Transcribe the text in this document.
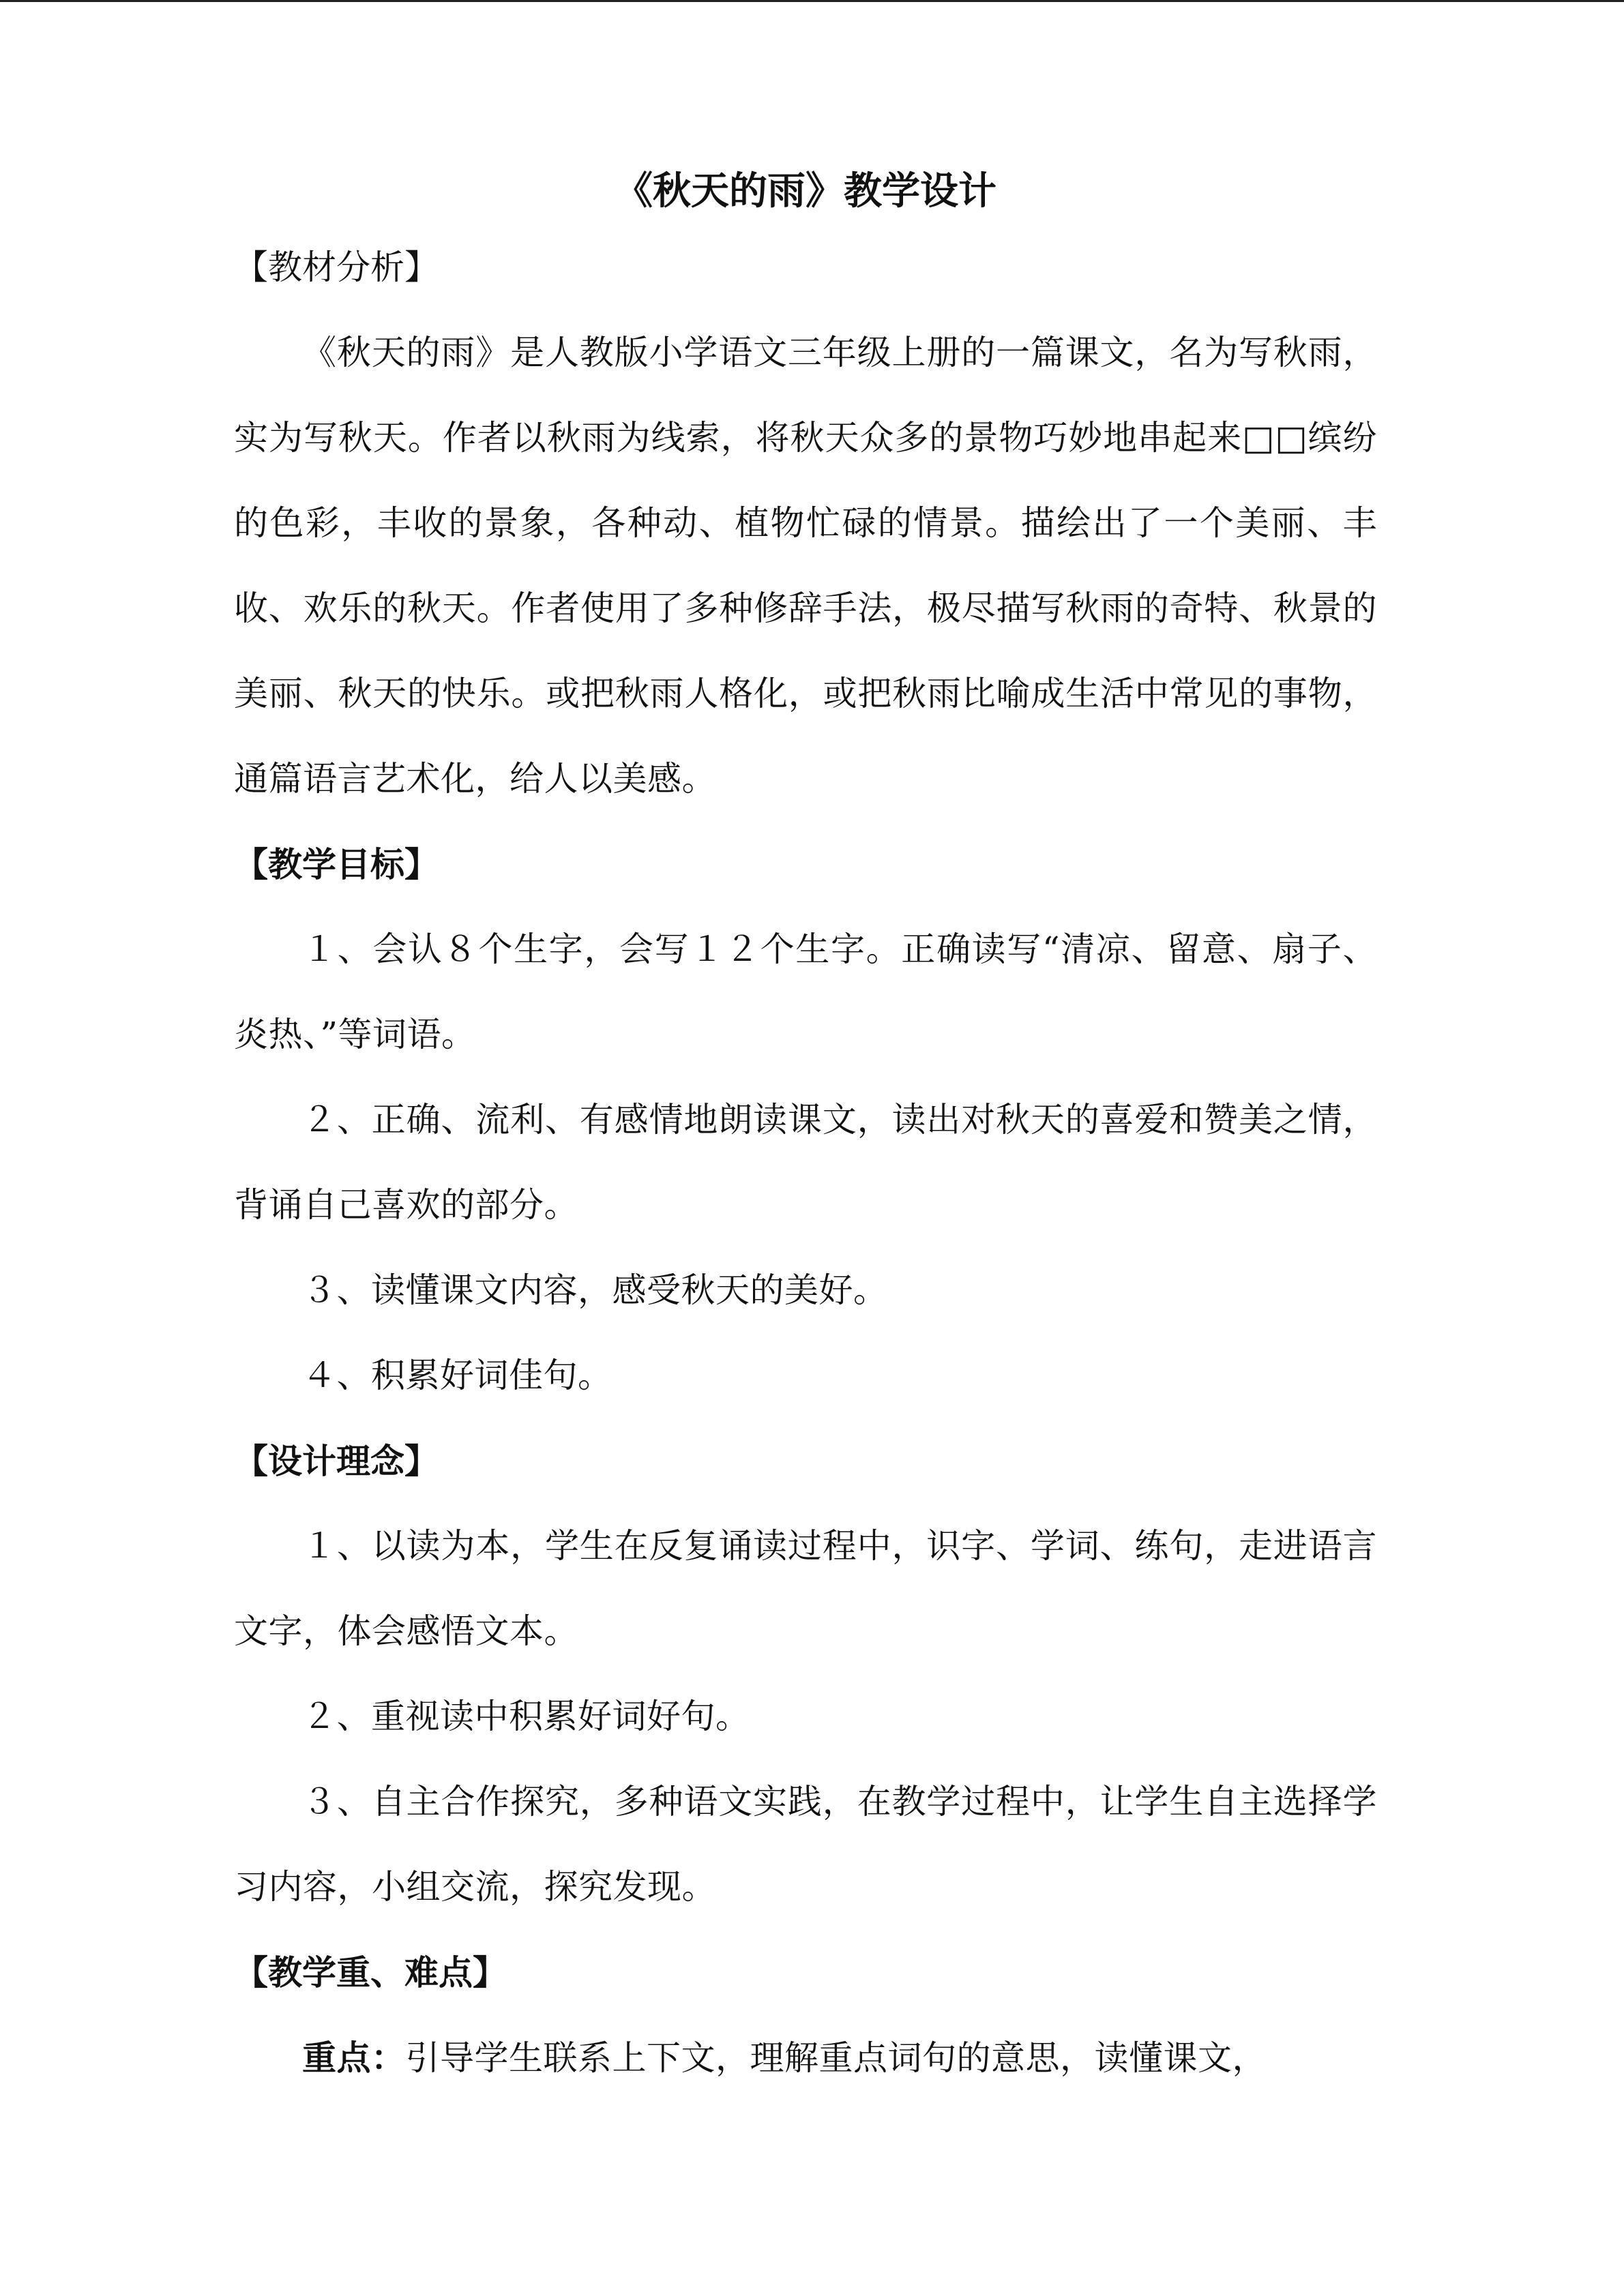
《秋天的雨》教学设计
【教材分析】

《秋天的雨》是人教版小学语文三年级上册的一篇课文，名为写秋雨，实为写秋天。作者以秋雨为线索，将秋天众多的景物巧妙地串起来□□缤纷的色彩，丰收的景象，各种动、植物忙碌的情景。描绘出了一个美丽、丰收、欢乐的秋天。作者使用了多种修辞手法，极尽描写秋雨的奇特、秋景的美丽、秋天的快乐。或把秋雨人格化，或把秋雨比喻成生活中常见的事物，通篇语言艺术化，给人以美感。

【教学目标】

１、会认８个生字，会写１２个生字。正确读写“清凉、留意、扇子、炎热、”等词语。

２、正确、流利、有感情地朗读课文，读出对秋天的喜爱和赞美之情，背诵自己喜欢的部分。

３、读懂课文内容，感受秋天的美好。

４、积累好词佳句。

【设计理念】

１、以读为本，学生在反复诵读过程中，识字、学词、练句，走进语言文字，体会感悟文本。

２、重视读中积累好词好句。

３、自主合作探究，多种语文实践，在教学过程中，让学生自主选择学习内容，小组交流，探究发现。

【教学重、难点】

重点：引导学生联系上下文，理解重点词句的意思，读懂课文，
